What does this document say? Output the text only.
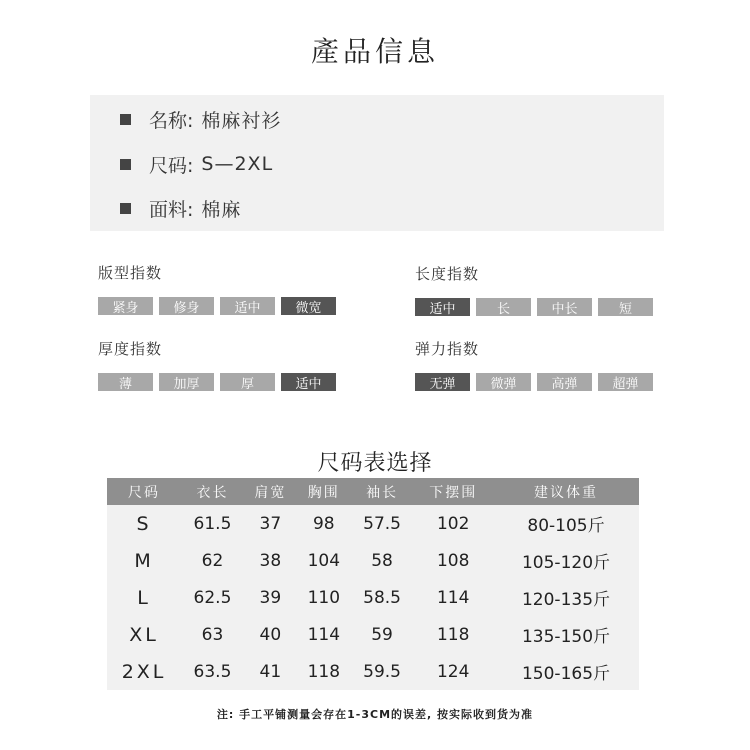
產品信息
名称: 棉麻衬衫
尺码: S—2XL
面料: 棉麻
版型指数
紧身	修身	适中	微宽
长度指数
适中	长	中长	短
厚度指数
薄	加厚	厚	适中
弹力指数
无弹	微弹	高弹	超弹
尺码表选择
尺码	衣长	肩宽	胸围	袖长	下摆围	建议体重
S	61.5	37	98	57.5	102	80-105斤
M	62	38	104	58	108	105-120斤
L	62.5	39	110	58.5	114	120-135斤
XL	63	40	114	59	118	135-150斤
2XL	63.5	41	118	59.5	124	150-165斤
注: 手工平铺测量会存在1-3CM的误差, 按实际收到货为准
